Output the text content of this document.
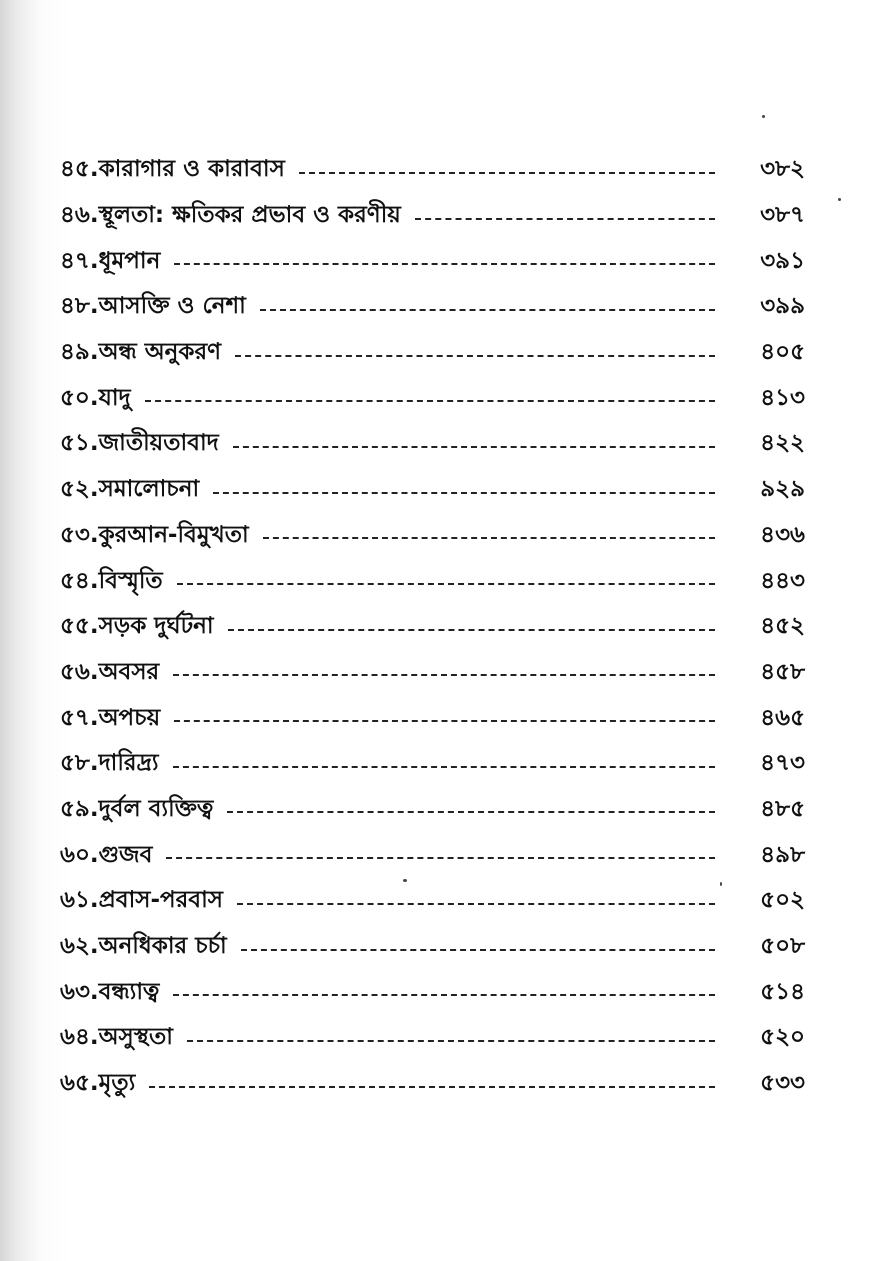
৪৫. কারাগার ও কারাবাস	৩৮২
৪৬. স্থূলতা: ক্ষতিকর প্রভাব ও করণীয়	৩৮৭
৪৭. ধূমপান	৩৯১
৪৮. আসক্তি ও নেশা	৩৯৯
৪৯. অন্ধ অনুকরণ	৪০৫
৫০. যাদু	৪১৩
৫১. জাতীয়তাবাদ	৪২২
৫২. সমালোচনা	৯২৯
৫৩. কুরআন-বিমুখতা	৪৩৬
৫৪. বিস্মৃতি	৪৪৩
৫৫. সড়ক দুর্ঘটনা	৪৫২
৫৬. অবসর	৪৫৮
৫৭. অপচয়	৪৬৫
৫৮. দারিদ্র্য	৪৭৩
৫৯. দুর্বল ব্যক্তিত্ব	৪৮৫
৬০. গুজব	৪৯৮
৬১. প্রবাস-পরবাস	৫০২
৬২. অনধিকার চর্চা	৫০৮
৬৩. বন্ধ্যাত্ব	৫১৪
৬৪. অসুস্থতা	৫২০
৬৫. মৃত্যু	৫৩৩
